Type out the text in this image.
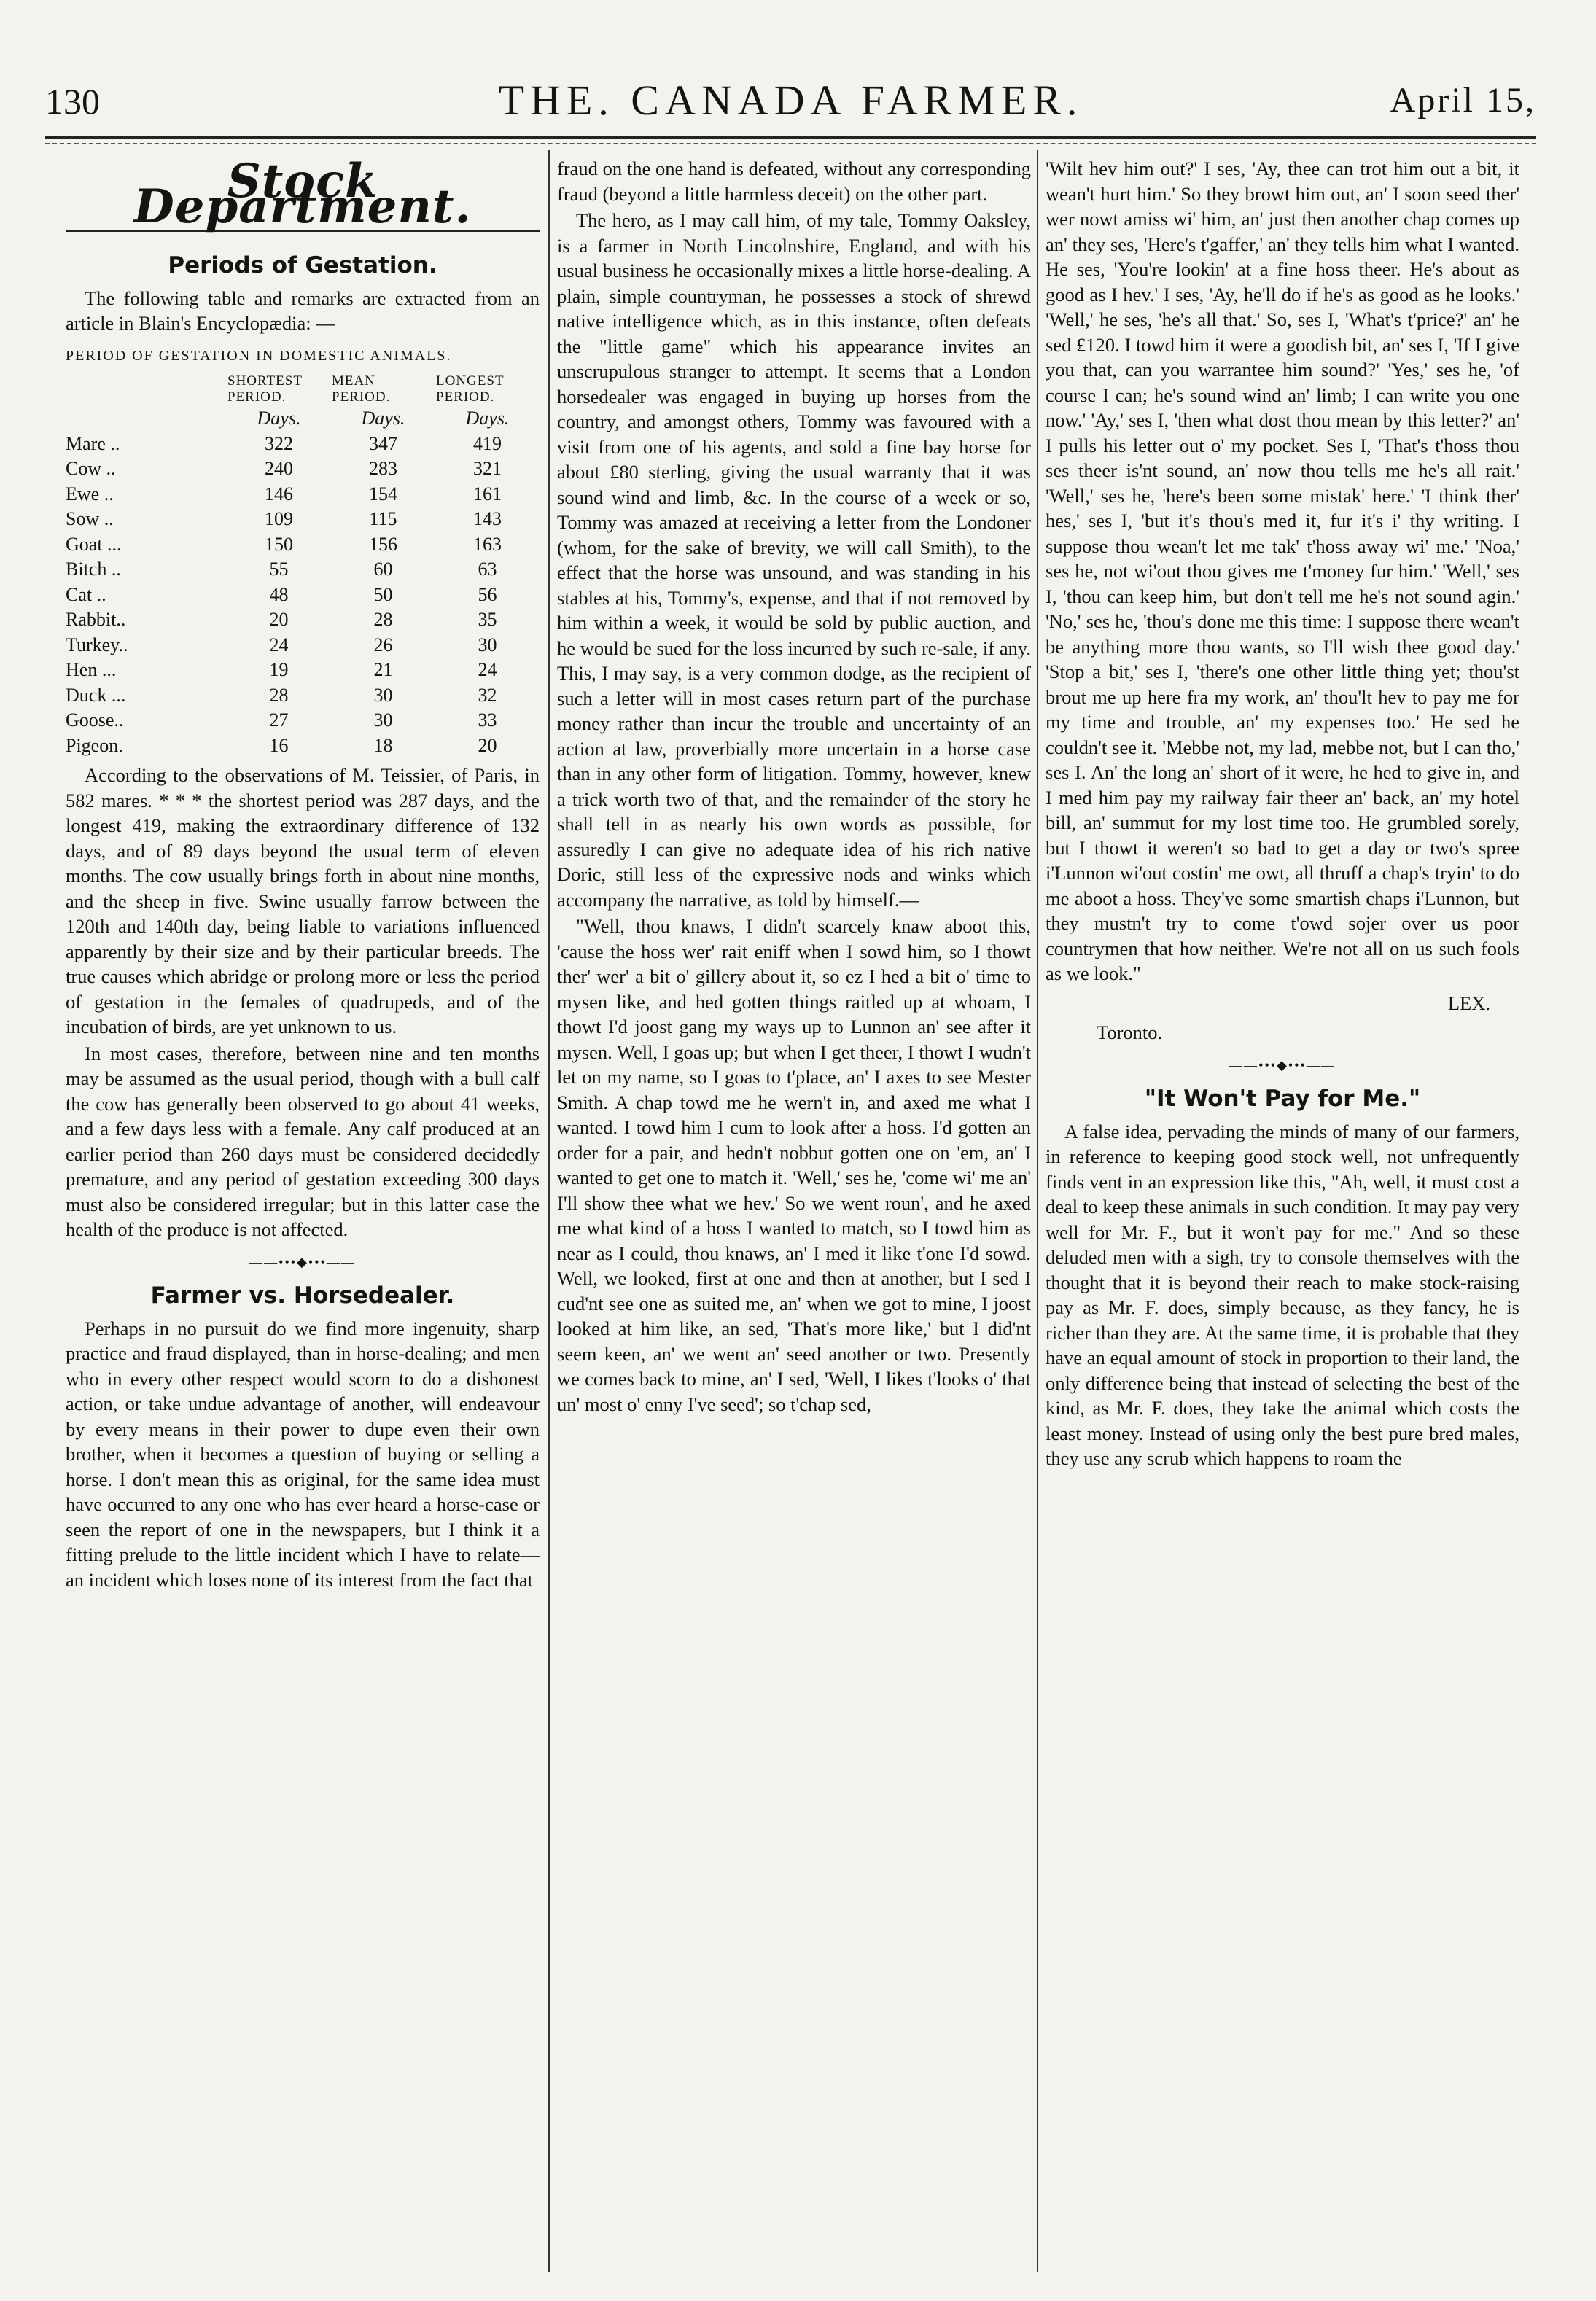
130	THE. CANADA FARMER.	April 15,
Stock Department.
Periods of Gestation.

The following table and remarks are extracted from an article in Blain's Encyclopædia: —

PERIOD OF GESTATION IN DOMESTIC ANIMALS.
	SHORTEST PERIOD.	MEAN PERIOD.	LONGEST PERIOD.
	Days.	Days.	Days.
Mare ..	322	347	419
Cow ..	240	283	321
Ewe ..	146	154	161
Sow ..	109	115	143
Goat ...	150	156	163
Bitch ..	55	60	63
Cat ..	48	50	56
Rabbit..	20	28	35
Turkey..	24	26	30
Hen ...	19	21	24
Duck ...	28	30	32
Goose..	27	30	33
Pigeon.	16	18	20

According to the observations of M. Teissier, of Paris, in 582 mares. * * * the shortest period was 287 days, and the longest 419, making the extraordinary difference of 132 days, and of 89 days beyond the usual term of eleven months. The cow usually brings forth in about nine months, and the sheep in five. Swine usually farrow between the 120th and 140th day, being liable to variations influenced apparently by their size and by their particular breeds. The true causes which abridge or prolong more or less the period of gestation in the females of quadrupeds, and of the incubation of birds, are yet unknown to us.

In most cases, therefore, between nine and ten months may be assumed as the usual period, though with a bull calf the cow has generally been observed to go about 41 weeks, and a few days less with a female. Any calf produced at an earlier period than 260 days must be considered decidedly premature, and any period of gestation exceeding 300 days must also be considered irregular; but in this latter case the health of the produce is not affected.

——•••◆•••——
Farmer vs. Horsedealer.

Perhaps in no pursuit do we find more ingenuity, sharp practice and fraud displayed, than in horse-dealing; and men who in every other respect would scorn to do a dishonest action, or take undue advantage of another, will endeavour by every means in their power to dupe even their own brother, when it becomes a question of buying or selling a horse. I don't mean this as original, for the same idea must have occurred to any one who has ever heard a horse-case or seen the report of one in the newspapers, but I think it a fitting prelude to the little incident which I have to relate—an incident which loses none of its interest from the fact that

fraud on the one hand is defeated, without any corresponding fraud (beyond a little harmless deceit) on the other part.

The hero, as I may call him, of my tale, Tommy Oaksley, is a farmer in North Lincolnshire, England, and with his usual business he occasionally mixes a little horse-dealing. A plain, simple countryman, he possesses a stock of shrewd native intelligence which, as in this instance, often defeats the "little game" which his appearance invites an unscrupulous stranger to attempt. It seems that a London horsedealer was engaged in buying up horses from the country, and amongst others, Tommy was favoured with a visit from one of his agents, and sold a fine bay horse for about £80 sterling, giving the usual warranty that it was sound wind and limb, &c. In the course of a week or so, Tommy was amazed at receiving a letter from the Londoner (whom, for the sake of brevity, we will call Smith), to the effect that the horse was unsound, and was standing in his stables at his, Tommy's, expense, and that if not removed by him within a week, it would be sold by public auction, and he would be sued for the loss incurred by such re-sale, if any. This, I may say, is a very common dodge, as the recipient of such a letter will in most cases return part of the purchase money rather than incur the trouble and uncertainty of an action at law, proverbially more uncertain in a horse case than in any other form of litigation. Tommy, however, knew a trick worth two of that, and the remainder of the story he shall tell in as nearly his own words as possible, for assuredly I can give no adequate idea of his rich native Doric, still less of the expressive nods and winks which accompany the narrative, as told by himself.—

"Well, thou knaws, I didn't scarcely knaw aboot this, 'cause the hoss wer' rait eniff when I sowd him, so I thowt ther' wer' a bit o' gillery about it, so ez I hed a bit o' time to mysen like, and hed gotten things raitled up at whoam, I thowt I'd joost gang my ways up to Lunnon an' see after it mysen. Well, I goas up; but when I get theer, I thowt I wudn't let on my name, so I goas to t'place, an' I axes to see Mester Smith. A chap towd me he wern't in, and axed me what I wanted. I towd him I cum to look after a hoss. I'd gotten an order for a pair, and hedn't nobbut gotten one on 'em, an' I wanted to get one to match it. 'Well,' ses he, 'come wi' me an' I'll show thee what we hev.' So we went roun', and he axed me what kind of a hoss I wanted to match, so I towd him as near as I could, thou knaws, an' I med it like t'one I'd sowd. Well, we looked, first at one and then at another, but I sed I cud'nt see one as suited me, an' when we got to mine, I joost looked at him like, an sed, 'That's more like,' but I did'nt seem keen, an' we went an' seed another or two. Presently we comes back to mine, an' I sed, 'Well, I likes t'looks o' that un' most o' enny I've seed'; so t'chap sed,

'Wilt hev him out?' I ses, 'Ay, thee can trot him out a bit, it wean't hurt him.' So they browt him out, an' I soon seed ther' wer nowt amiss wi' him, an' just then another chap comes up an' they ses, 'Here's t'gaffer,' an' they tells him what I wanted. He ses, 'You're lookin' at a fine hoss theer. He's about as good as I hev.' I ses, 'Ay, he'll do if he's as good as he looks.' 'Well,' he ses, 'he's all that.' So, ses I, 'What's t'price?' an' he sed £120. I towd him it were a goodish bit, an' ses I, 'If I give you that, can you warrantee him sound?' 'Yes,' ses he, 'of course I can; he's sound wind an' limb; I can write you one now.' 'Ay,' ses I, 'then what dost thou mean by this letter?' an' I pulls his letter out o' my pocket. Ses I, 'That's t'hoss thou ses theer is'nt sound, an' now thou tells me he's all rait.' 'Well,' ses he, 'here's been some mistak' here.' 'I think ther' hes,' ses I, 'but it's thou's med it, fur it's i' thy writing. I suppose thou wean't let me tak' t'hoss away wi' me.' 'Noa,' ses he, not wi'out thou gives me t'money fur him.' 'Well,' ses I, 'thou can keep him, but don't tell me he's not sound agin.' 'No,' ses he, 'thou's done me this time: I suppose there wean't be anything more thou wants, so I'll wish thee good day.' 'Stop a bit,' ses I, 'there's one other little thing yet; thou'st brout me up here fra my work, an' thou'lt hev to pay me for my time and trouble, an' my expenses too.' He sed he couldn't see it. 'Mebbe not, my lad, mebbe not, but I can tho,' ses I. An' the long an' short of it were, he hed to give in, and I med him pay my railway fair theer an' back, an' my hotel bill, an' summut for my lost time too. He grumbled sorely, but I thowt it weren't so bad to get a day or two's spree i'Lunnon wi'out costin' me owt, all thruff a chap's tryin' to do me aboot a hoss. They've some smartish chaps i'Lunnon, but they mustn't try to come t'owd sojer over us poor countrymen that how neither. We're not all on us such fools as we look."

LEX.
Toronto.
——•••◆•••——
"It Won't Pay for Me."

A false idea, pervading the minds of many of our farmers, in reference to keeping good stock well, not unfrequently finds vent in an expression like this, "Ah, well, it must cost a deal to keep these animals in such condition. It may pay very well for Mr. F., but it won't pay for me." And so these deluded men with a sigh, try to console themselves with the thought that it is beyond their reach to make stock-raising pay as Mr. F. does, simply because, as they fancy, he is richer than they are. At the same time, it is probable that they have an equal amount of stock in proportion to their land, the only difference being that instead of selecting the best of the kind, as Mr. F. does, they take the animal which costs the least money. Instead of using only the best pure bred males, they use any scrub which happens to roam the
